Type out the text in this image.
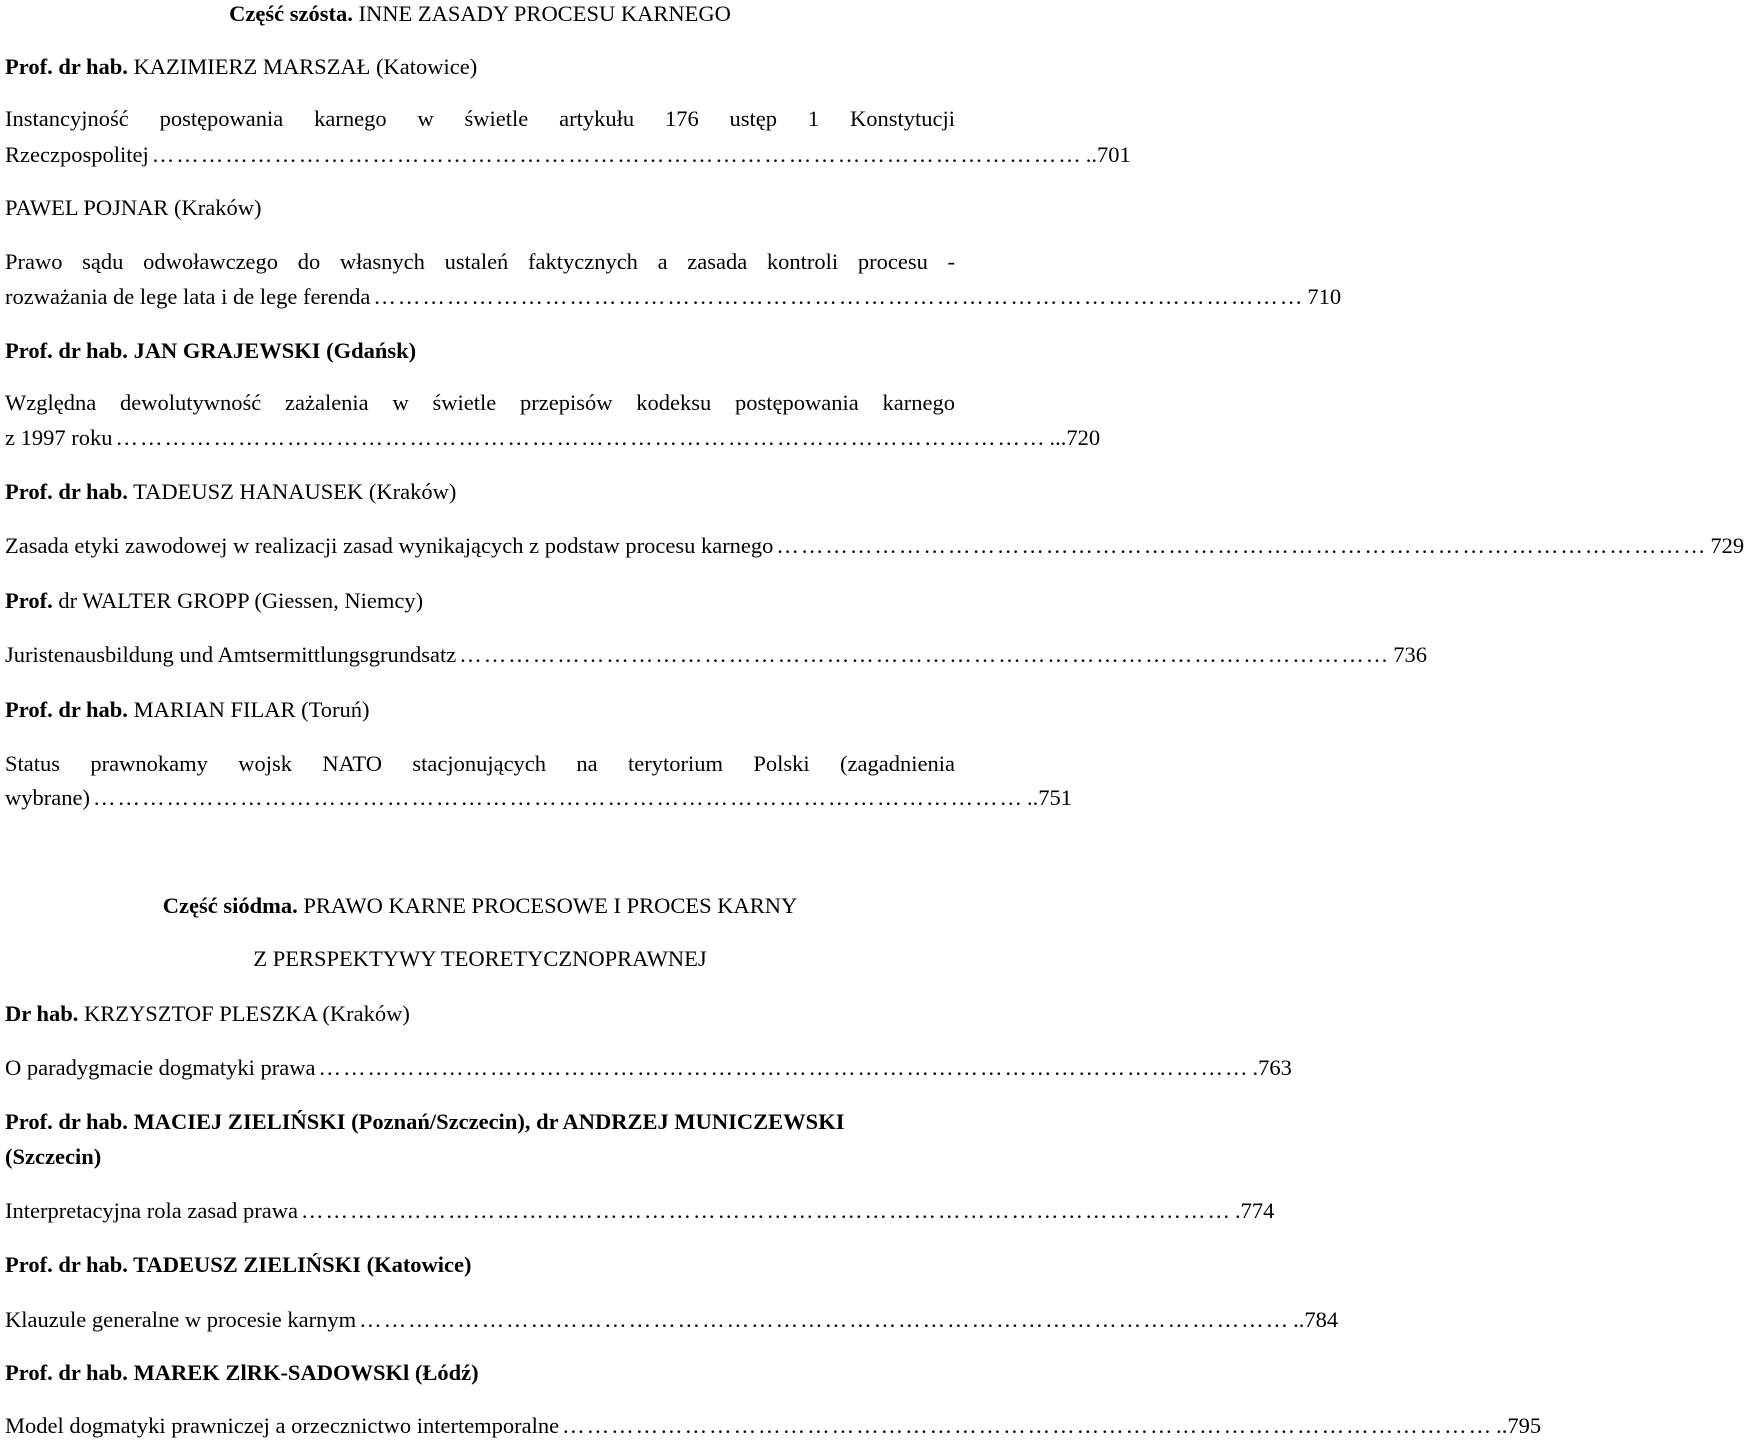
Część szósta. INNE ZASADY PROCESU KARNEGO
Prof. dr hab. KAZIMIERZ MARSZAŁ (Katowice)
Instancyjność postępowania karnego w świetle artykułu 176 ustęp 1 Konstytucji
Rzeczpospolitej …………………………………………………………………………………………………… ..701
PAWEL POJNAR (Kraków)
Prawo sądu odwoławczego do własnych ustaleń faktycznych a zasada kontroli procesu -
rozważania de lege lata i de lege ferenda …………………………………………………………………………………………………… 710
Prof. dr hab. JAN GRAJEWSKI (Gdańsk)
Względna dewolutywność zażalenia w świetle przepisów kodeksu postępowania karnego
z 1997 roku …………………………………………………………………………………………………… ...720
Prof. dr hab. TADEUSZ HANAUSEK (Kraków)
Zasada etyki zawodowej w realizacji zasad wynikających z podstaw procesu karnego …………………………………………………………………………………………………… 729
Prof. dr WALTER GROPP (Giessen, Niemcy)
Juristenausbildung und Amtsermittlungsgrundsatz …………………………………………………………………………………………………… 736
Prof. dr hab. MARIAN FILAR (Toruń)
Status prawnokamy wojsk NATO stacjonujących na terytorium Polski (zagadnienia
wybrane) …………………………………………………………………………………………………… ..751
Część siódma. PRAWO KARNE PROCESOWE I PROCES KARNY
Z PERSPEKTYWY TEORETYCZNOPRAWNEJ
Dr hab. KRZYSZTOF PLESZKA (Kraków)
O paradygmacie dogmatyki prawa …………………………………………………………………………………………………… .763
Prof. dr hab. MACIEJ ZIELIŃSKI (Poznań/Szczecin), dr ANDRZEJ MUNICZEWSKI
(Szczecin)
Interpretacyjna rola zasad prawa …………………………………………………………………………………………………… .774
Prof. dr hab. TADEUSZ ZIELIŃSKI (Katowice)
Klauzule generalne w procesie karnym …………………………………………………………………………………………………… ..784
Prof. dr hab. MAREK ZlRK-SADOWSKl (Łódź)
Model dogmatyki prawniczej a orzecznictwo intertemporalne …………………………………………………………………………………………………… ..795
